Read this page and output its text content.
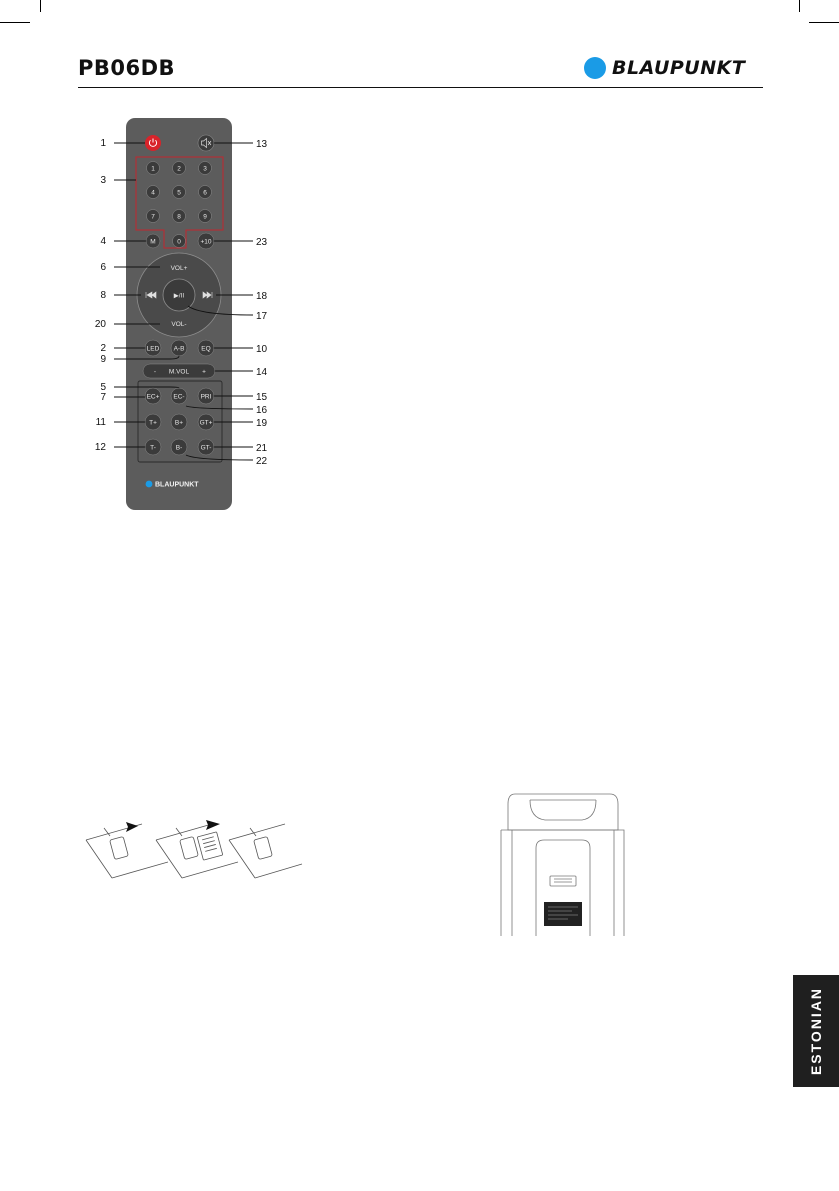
PB06DB	BLAUPUNKT
1	2	3
4	5	6
7	8	9
M	0	+10
VOL+
VOL-
▶/II
LED A-B	EQ
- M.VOL +
EC+ EC- PRI
T+	B+	GT+
T-	B-	GT-
BLAUPUNKT
1	13
3
4	23
6
8	18
17
20
2	10
9
5
14
7	15
16
11	19
12	21
22
ESTONIAN
